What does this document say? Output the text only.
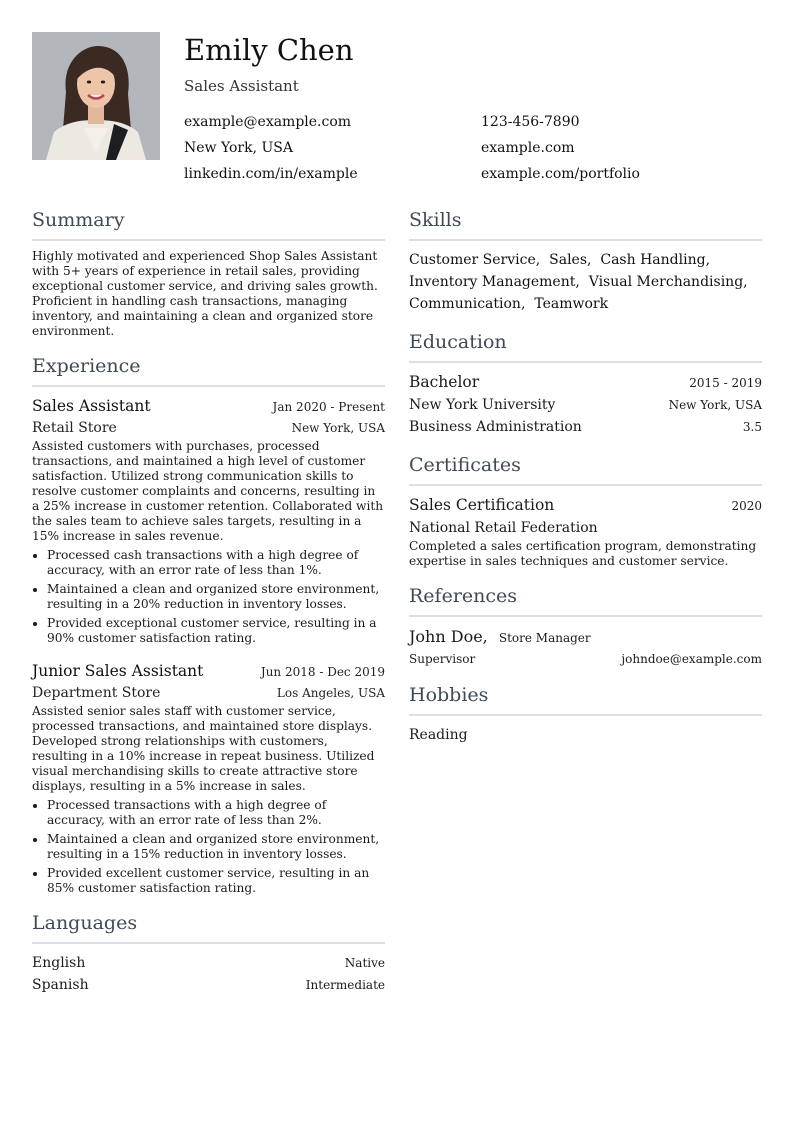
Emily Chen
Sales Assistant
example@example.com	123-456-7890
New York, USA	example.com
linkedin.com/in/example	example.com/portfolio
Summary

Highly motivated and experienced Shop Sales Assistant with 5+ years of experience in retail sales, providing exceptional customer service, and driving sales growth. Proficient in handling cash transactions, managing inventory, and maintaining a clean and organized store environment.

Experience
Sales Assistant	Jan 2020 - Present
Retail Store	New York, USA

Assisted customers with purchases, processed transactions, and maintained a high level of customer satisfaction. Utilized strong communication skills to resolve customer complaints and concerns, resulting in a 25% increase in customer retention. Collaborated with the sales team to achieve sales targets, resulting in a 15% increase in sales revenue.

• Processed cash transactions with a high degree of accuracy, with an error rate of less than 1%.
• Maintained a clean and organized store environment, resulting in a 20% reduction in inventory losses.
• Provided exceptional customer service, resulting in a 90% customer satisfaction rating.
Junior Sales Assistant	Jun 2018 - Dec 2019
Department Store	Los Angeles, USA

Assisted senior sales staff with customer service, processed transactions, and maintained store displays. Developed strong relationships with customers, resulting in a 10% increase in repeat business. Utilized visual merchandising skills to create attractive store displays, resulting in a 5% increase in sales.

• Processed transactions with a high degree of accuracy, with an error rate of less than 2%.
• Maintained a clean and organized store environment, resulting in a 15% reduction in inventory losses.
• Provided excellent customer service, resulting in an 85% customer satisfaction rating.
Languages
English	Native
Spanish	Intermediate
Skills
Customer Service,  Sales,  Cash Handling, Inventory Management,  Visual Merchandising, Communication,  Teamwork
Education
Bachelor	2015 - 2019
New York University	New York, USA
Business Administration	3.5
Certificates
Sales Certification	2020
National Retail Federation

Completed a sales certification program, demonstrating expertise in sales techniques and customer service.

References
John Doe, Store Manager
Supervisor	johndoe@example.com
Hobbies
Reading
